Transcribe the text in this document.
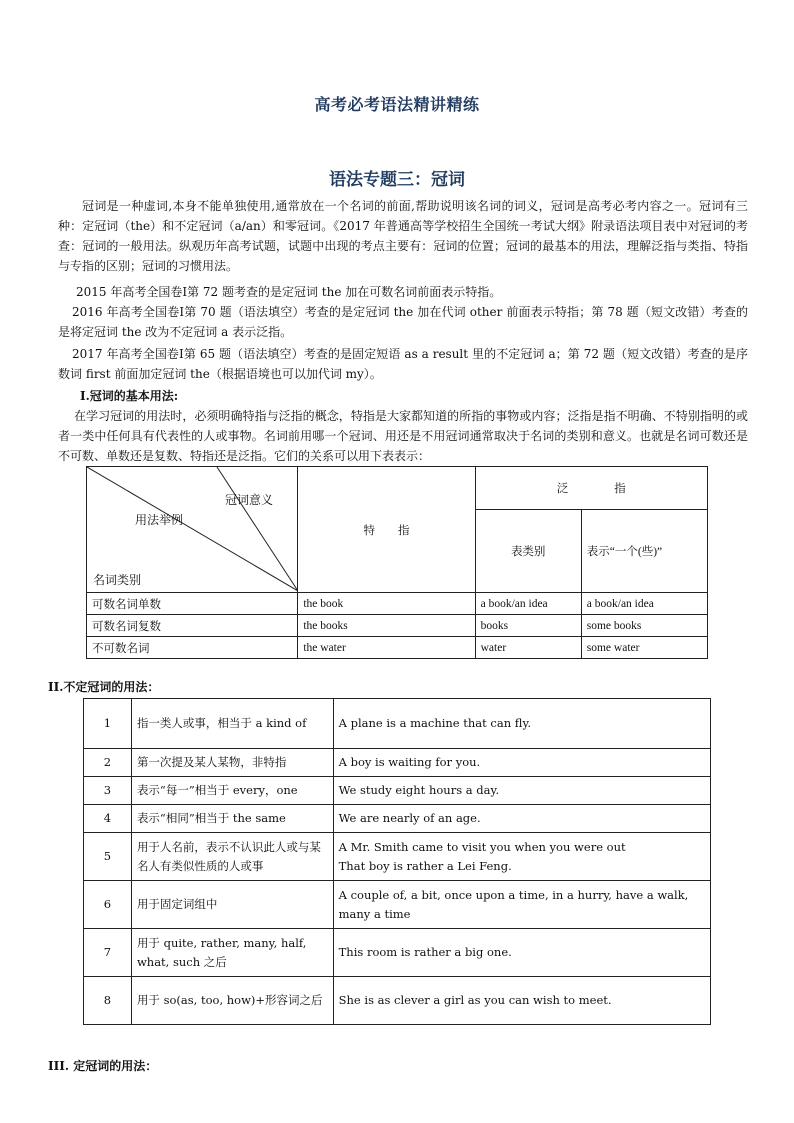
高考必考语法精讲精练
语法专题三：冠词
冠词是一种虚词,本身不能单独使用,通常放在一个名词的前面,帮助说明该名词的词义，冠词是高考必考内容之一。冠词有三种：定冠词（the）和不定冠词（a/an）和零冠词。《2017 年普通高等学校招生全国统一考试大纲》附录语法项目表中对冠词的考查：冠词的一般用法。纵观历年高考试题，试题中出现的考点主要有：冠词的位置；冠词的最基本的用法，理解泛指与类指、特指与专指的区别；冠词的习惯用法。
2015 年高考全国卷Ⅰ第 72 题考查的是定冠词 the 加在可数名词前面表示特指。
2016 年高考全国卷Ⅰ第 70 题（语法填空）考查的是定冠词 the 加在代词 other 前面表示特指；第 78 题（短文改错）考查的是将定冠词 the 改为不定冠词 a 表示泛指。
2017 年高考全国卷Ⅰ第 65 题（语法填空）考查的是固定短语 as a result 里的不定冠词 a；第 72 题（短文改错）考查的是序数词 first 前面加定冠词 the（根据语境也可以加代词 my）。
I.冠词的基本用法:
在学习冠词的用法时，必须明确特指与泛指的概念，特指是大家都知道的所指的事物或内容；泛指是指不明确、不特别指明的或者一类中任何具有代表性的人或事物。名词前用哪一个冠词、用还是不用冠词通常取决于名词的类别和意义。也就是名词可数还是不可数、单数还是复数、特指还是泛指。它们的关系可以用下表表示：
冠词意义
用法举例
名词类别	特　　指	泛　　　　指	
		表类别	表示“一个(些)”
可数名词单数	the book	a book/an idea	a book/an idea
可数名词复数	the books	books	some books
不可数名词	the water	water	some water
II.不定冠词的用法：
1	指一类人或事，相当于 a kind of	A plane is a machine that can fly.
2	第一次提及某人某物，非特指	A boy is waiting for you.
3	表示“每一”相当于 every，one	We study eight hours a day.
4	表示“相同”相当于 the same	We are nearly of an age.
5	用于人名前，表示不认识此人或与某名人有类似性质的人或事	A Mr. Smith came to visit you when you were out
That boy is rather a Lei Feng.
6	用于固定词组中	A couple of, a bit, once upon a time, in a hurry, have a walk, many a time
7	用于 quite, rather, many, half, what, such 之后	This room is rather a big one.
8	用于 so(as, too, how)+形容词之后	She is as clever a girl as you can wish to meet.
III. 定冠词的用法：
